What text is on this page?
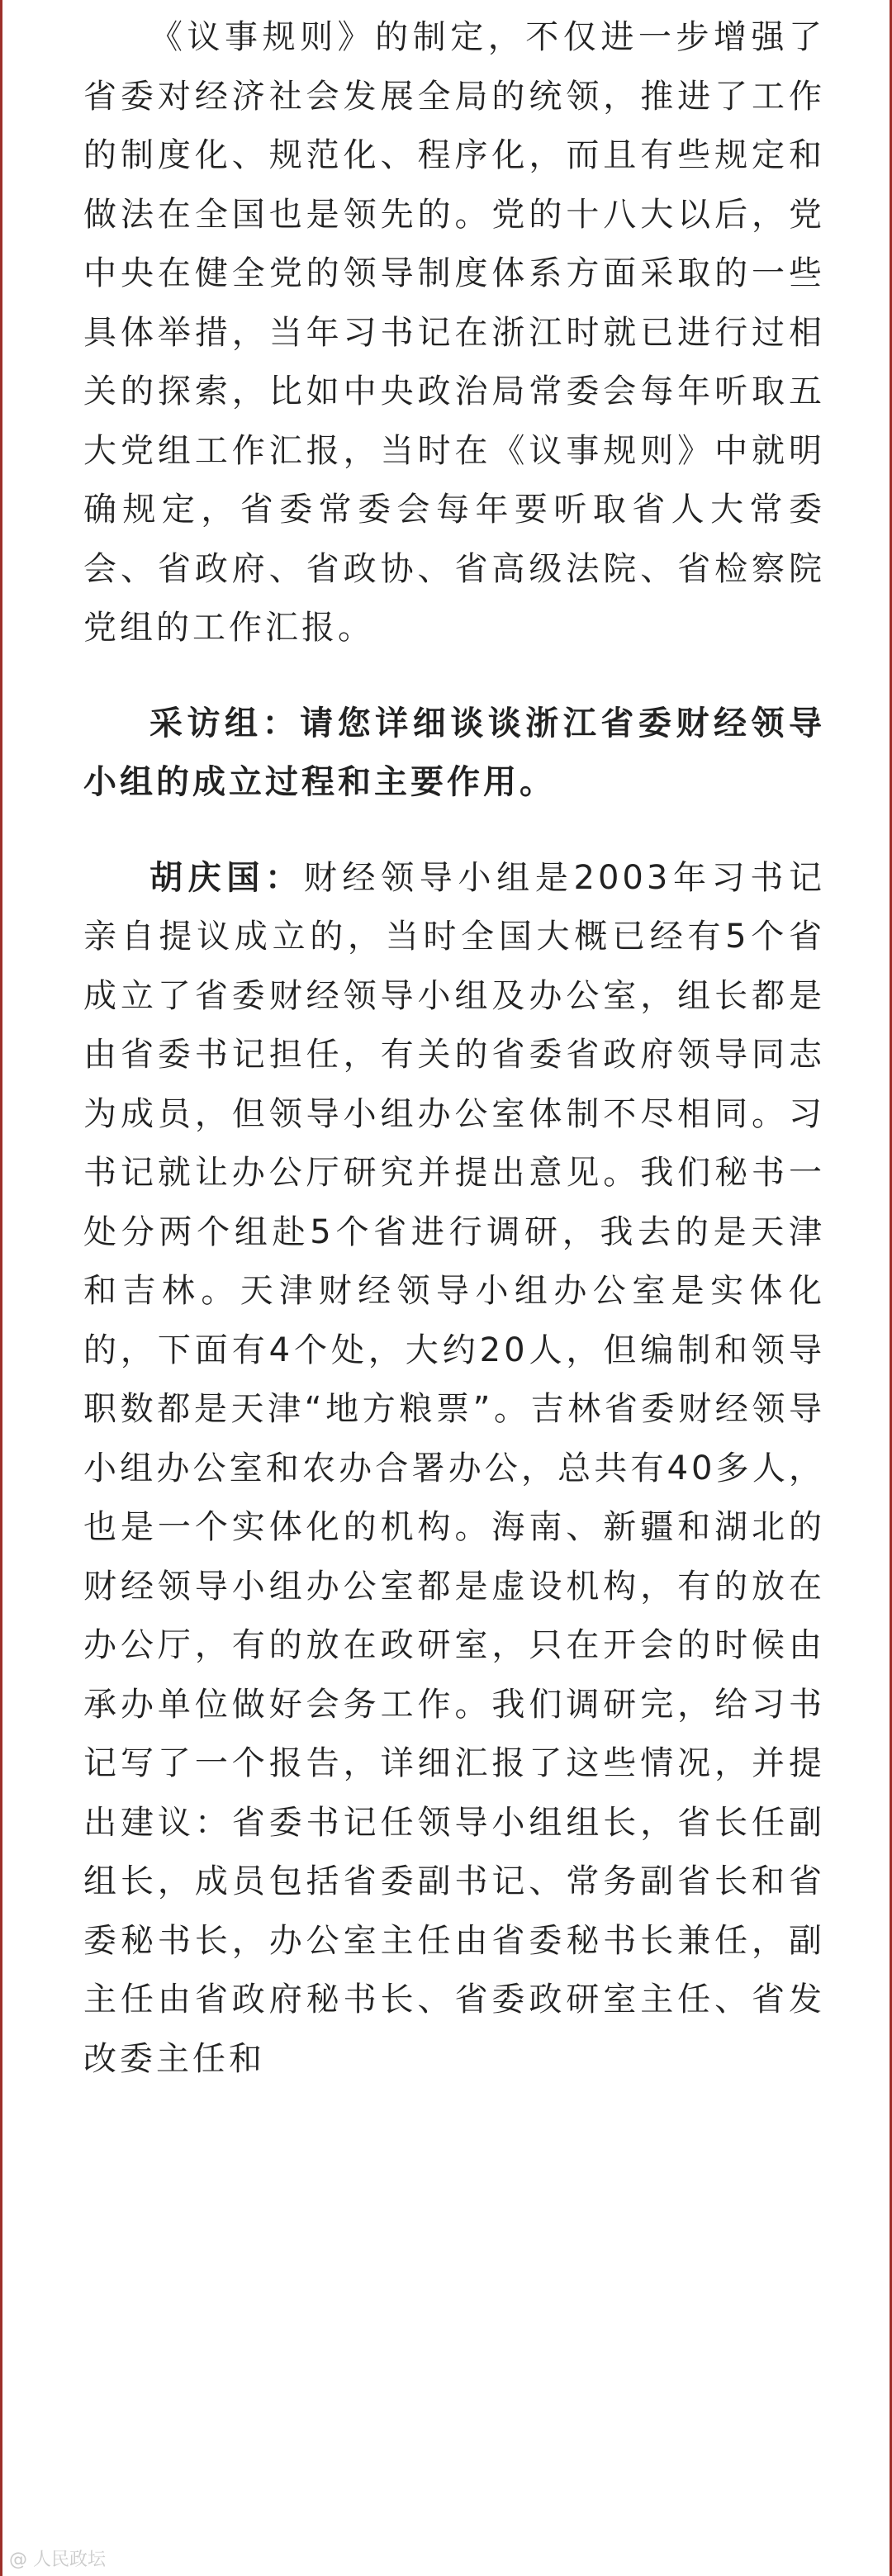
《议事规则》的制定，不仅进一步增强了省委对经济社会发展全局的统领，推进了工作的制度化、规范化、程序化，而且有些规定和做法在全国也是领先的。党的十八大以后，党中央在健全党的领导制度体系方面采取的一些具体举措，当年习书记在浙江时就已进行过相关的探索，比如中央政治局常委会每年听取五大党组工作汇报，当时在《议事规则》中就明确规定，省委常委会每年要听取省人大常委会、省政府、省政协、省高级法院、省检察院党组的工作汇报。

采访组：请您详细谈谈浙江省委财经领导小组的成立过程和主要作用。

胡庆国：财经领导小组是2003年习书记亲自提议成立的，当时全国大概已经有5个省成立了省委财经领导小组及办公室，组长都是由省委书记担任，有关的省委省政府领导同志为成员，但领导小组办公室体制不尽相同。习书记就让办公厅研究并提出意见。我们秘书一处分两个组赴5个省进行调研，我去的是天津和吉林。天津财经领导小组办公室是实体化的，下面有4个处，大约20人，但编制和领导职数都是天津“地方粮票”。吉林省委财经领导小组办公室和农办合署办公，总共有40多人，也是一个实体化的机构。海南、新疆和湖北的财经领导小组办公室都是虚设机构，有的放在办公厅，有的放在政研室，只在开会的时候由承办单位做好会务工作。我们调研完，给习书记写了一个报告，详细汇报了这些情况，并提出建议：省委书记任领导小组组长，省长任副组长，成员包括省委副书记、常务副省长和省委秘书长，办公室主任由省委秘书长兼任，副主任由省政府秘书长、省委政研室主任、省发改委主任和

@ 人民政坛
